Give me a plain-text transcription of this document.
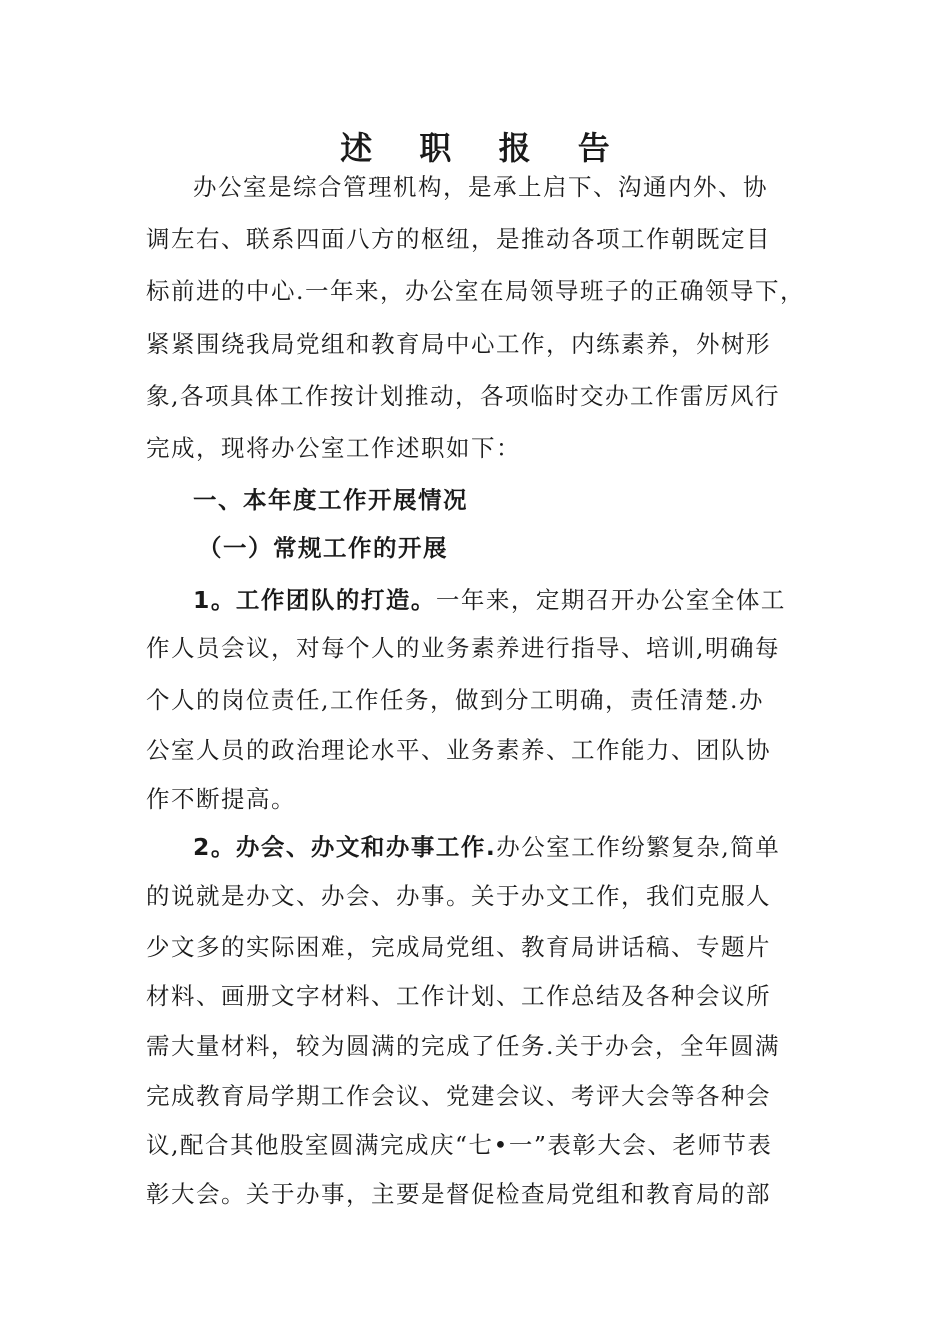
述 职 报 告
办公室是综合管理机构，是承上启下、沟通内外、协
调左右、联系四面八方的枢纽，是推动各项工作朝既定目
标前进的中心.一年来，办公室在局领导班子的正确领导下，
紧紧围绕我局党组和教育局中心工作，内练素养，外树形
象,各项具体工作按计划推动，各项临时交办工作雷厉风行
完成，现将办公室工作述职如下：
一、本年度工作开展情况
（一）常规工作的开展
1。工作团队的打造。一年来，定期召开办公室全体工
作人员会议，对每个人的业务素养进行指导、培训,明确每
个人的岗位责任,工作任务，做到分工明确，责任清楚.办
公室人员的政治理论水平、业务素养、工作能力、团队协
作不断提高。
2。办会、办文和办事工作.办公室工作纷繁复杂,简单
的说就是办文、办会、办事。关于办文工作，我们克服人
少文多的实际困难，完成局党组、教育局讲话稿、专题片
材料、画册文字材料、工作计划、工作总结及各种会议所
需大量材料，较为圆满的完成了任务.关于办会，全年圆满
完成教育局学期工作会议、党建会议、考评大会等各种会
议,配合其他股室圆满完成庆“七•一”表彰大会、老师节表
彰大会。关于办事，主要是督促检查局党组和教育局的部
